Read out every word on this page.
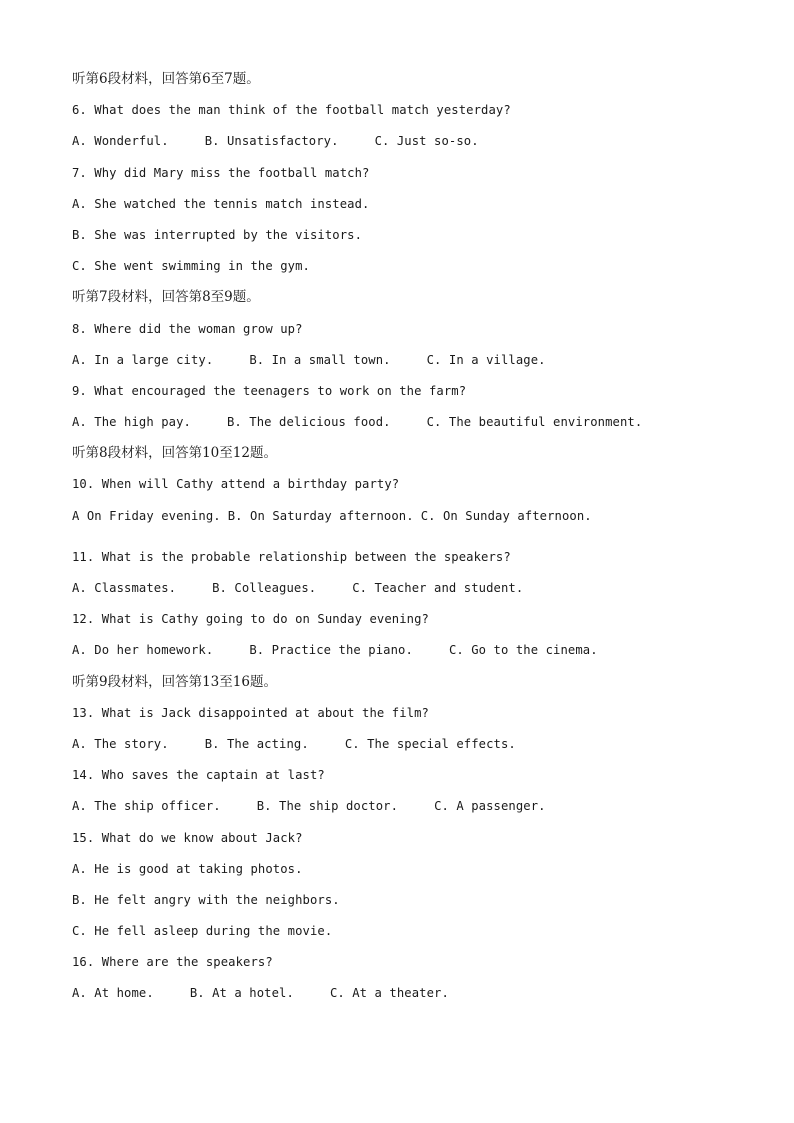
听第6段材料，回答第6至7题。
6. What does the man think of the football match yesterday?
A. Wonderful.	B. Unsatisfactory.	C. Just so-so.
7. Why did Mary miss the football match?
A. She watched the tennis match instead.
B. She was interrupted by the visitors.
C. She went swimming in the gym.
听第7段材料，回答第8至9题。
8. Where did the woman grow up?
A. In a large city.	B. In a small town.	C. In a village.
9. What encouraged the teenagers to work on the farm?
A. The high pay.	B. The delicious food.	C. The beautiful environment.
听第8段材料，回答第10至12题。
10. When will Cathy attend a birthday party?
A On Friday evening. B. On Saturday afternoon. C. On Sunday afternoon.
11. What is the probable relationship between the speakers?
A. Classmates.	B. Colleagues.	C. Teacher and student.
12. What is Cathy going to do on Sunday evening?
A. Do her homework.	B. Practice the piano.	C. Go to the cinema.
听第9段材料，回答第13至16题。
13. What is Jack disappointed at about the film?
A. The story.	B. The acting.	C. The special effects.
14. Who saves the captain at last?
A. The ship officer.	B. The ship doctor.	C. A passenger.
15. What do we know about Jack?
A. He is good at taking photos.
B. He felt angry with the neighbors.
C. He fell asleep during the movie.
16. Where are the speakers?
A. At home.	B. At a hotel.	C. At a theater.
